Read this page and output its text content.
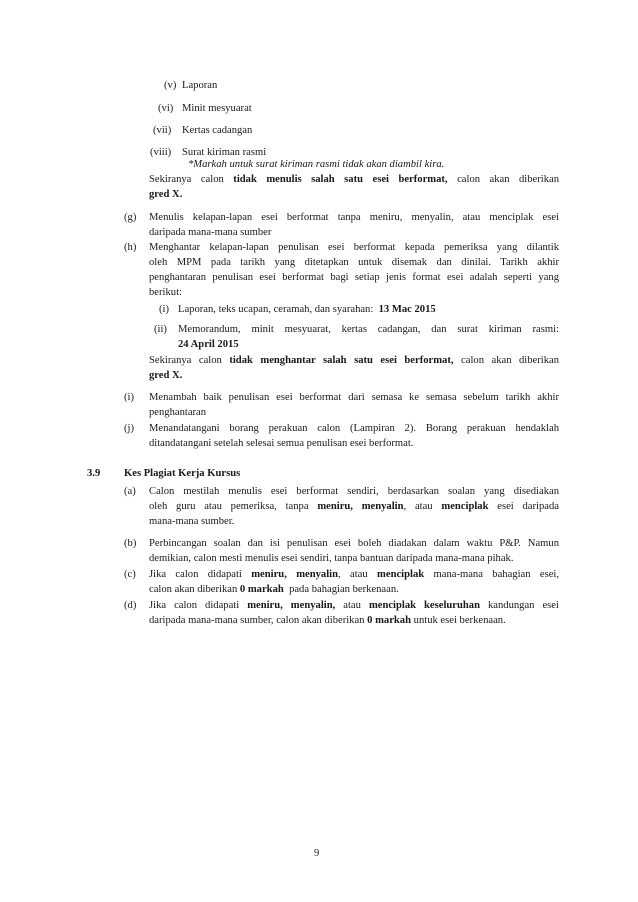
(v) Laporan
(vi) Minit mesyuarat
(vii) Kertas cadangan
(viii) Surat kiriman rasmi
*Markah untuk surat kiriman rasmi tidak akan diambil kira.
Sekiranya calon tidak menulis salah satu esei berformat, calon akan diberikan
gred X.
(g) Menulis kelapan-lapan esei berformat tanpa meniru, menyalin, atau menciplak esei
daripada mana-mana sumber
(h) Menghantar kelapan-lapan penulisan esei berformat kepada pemeriksa yang dilantik
oleh MPM pada tarikh yang ditetapkan untuk disemak dan dinilai. Tarikh akhir
penghantaran penulisan esei berformat bagi setiap jenis format esei adalah seperti yang
berikut:
(i) Laporan, teks ucapan, ceramah, dan syarahan: 13 Mac 2015
(ii) Memorandum, minit mesyuarat, kertas cadangan, dan surat kiriman rasmi:
24 April 2015
Sekiranya calon tidak menghantar salah satu esei berformat, calon akan diberikan
gred X.
(i) Menambah baik penulisan esei berformat dari semasa ke semasa sebelum tarikh akhir
penghantaran
(j) Menandatangani borang perakuan calon (Lampiran 2). Borang perakuan hendaklah
ditandatangani setelah selesai semua penulisan esei berformat.
3.9 Kes Plagiat Kerja Kursus
(a) Calon mestilah menulis esei berformat sendiri, berdasarkan soalan yang disediakan
oleh guru atau pemeriksa, tanpa meniru, menyalin, atau menciplak esei daripada
mana-mana sumber.
(b) Perbincangan soalan dan isi penulisan esei boleh diadakan dalam waktu P&P. Namun
demikian, calon mesti menulis esei sendiri, tanpa bantuan daripada mana-mana pihak.
(c) Jika calon didapati meniru, menyalin, atau menciplak mana-mana bahagian esei,
calon akan diberikan 0 markah pada bahagian berkenaan.
(d) Jika calon didapati meniru, menyalin, atau menciplak keseluruhan kandungan esei
daripada mana-mana sumber, calon akan diberikan 0 markah untuk esei berkenaan.
9
